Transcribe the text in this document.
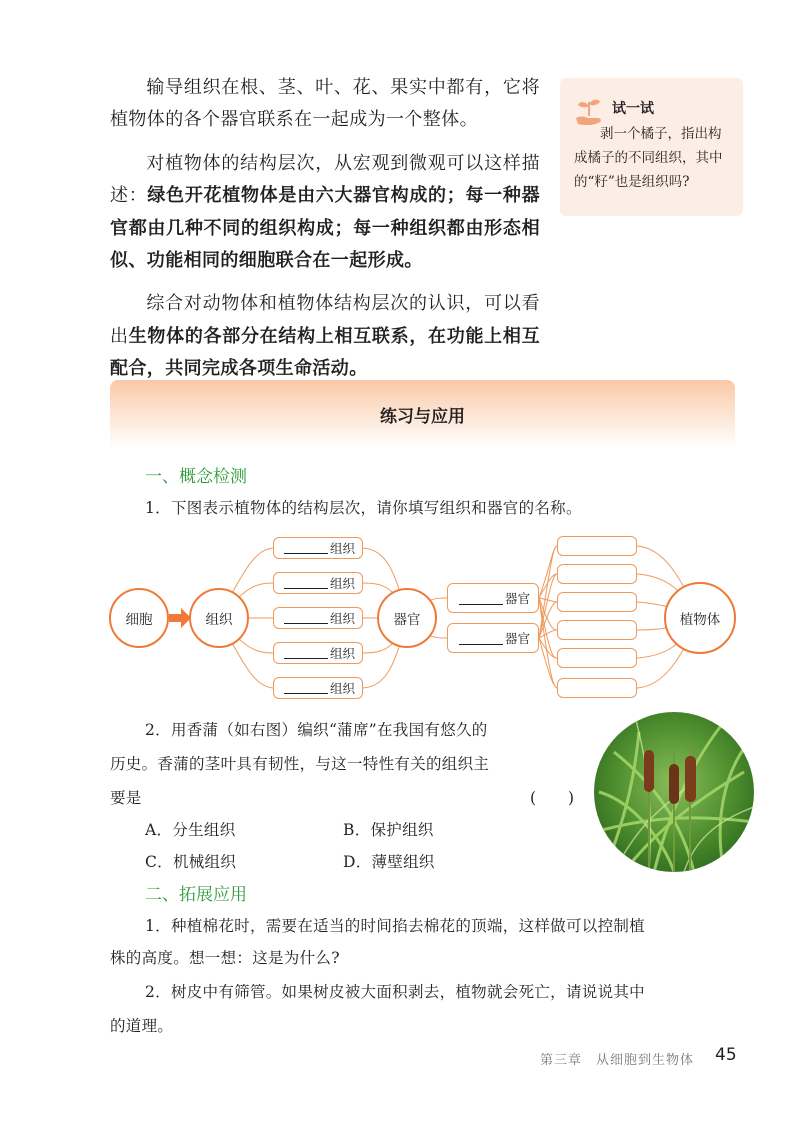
输导组织在根、茎、叶、花、果实中都有，它将植物体的各个器官联系在一起成为一个整体。

对植物体的结构层次，从宏观到微观可以这样描述：绿色开花植物体是由六大器官构成的；每一种器官都由几种不同的组织构成；每一种组织都由形态相似、功能相同的细胞联合在一起形成。

综合对动物体和植物体结构层次的认识，可以看出生物体的各部分在结构上相互联系，在功能上相互配合，共同完成各项生命活动。

试一试
剥一个橘子，指出构成橘子的不同组织，其中的“籽”也是组织吗?
练习与应用
一、概念检测
1．下图表示植物体的结构层次，请你填写组织和器官的名称。
细胞	组织	器官	植物体
组织
组织
组织
组织
组织
器官
器官
2．用香蒲（如右图）编织“蒲席”在我国有悠久的
历史。香蒲的茎叶具有韧性，与这一特性有关的组织主
要是	(　　)
A．分生组织	B．保护组织
C．机械组织	D．薄壁组织
二、拓展应用
1．种植棉花时，需要在适当的时间掐去棉花的顶端，这样做可以控制植
株的高度。想一想：这是为什么?
2．树皮中有筛管。如果树皮被大面积剥去，植物就会死亡，请说说其中
的道理。
第三章　从细胞到生物体 45
